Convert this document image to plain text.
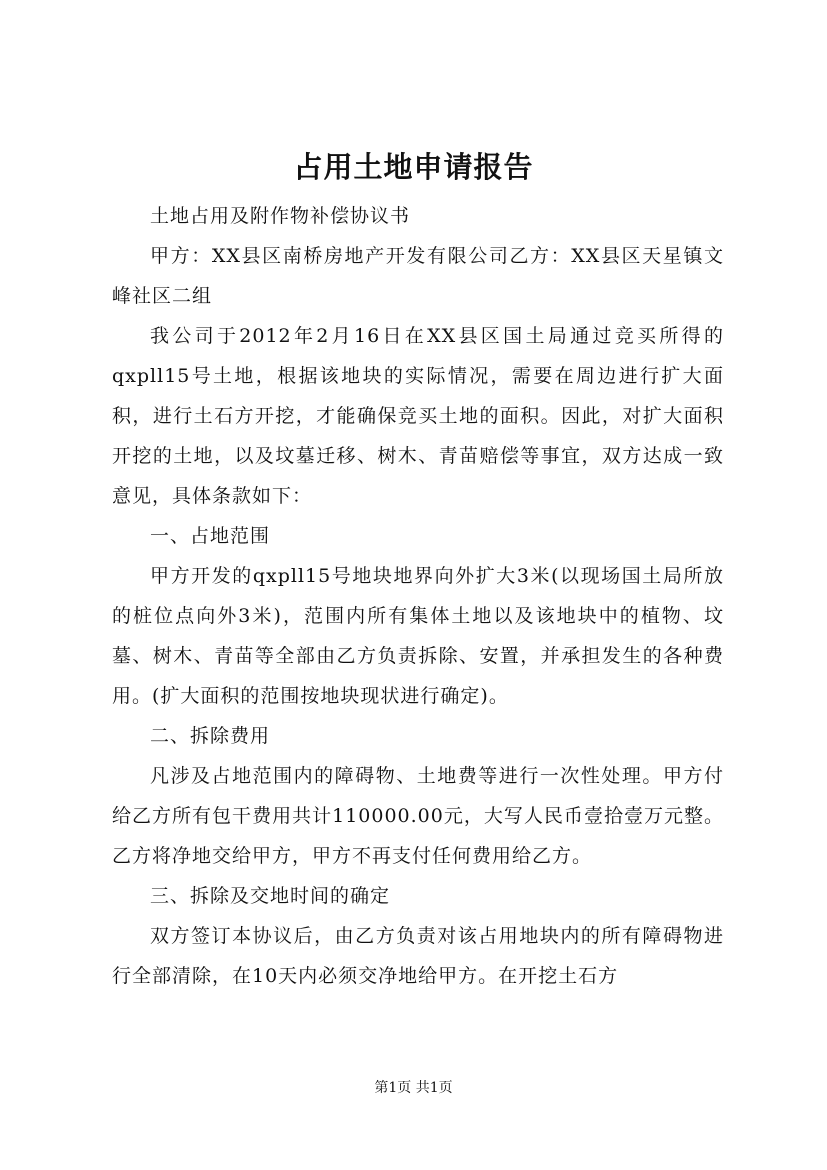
占用土地申请报告

土地占用及附作物补偿协议书

甲方：XX县区南桥房地产开发有限公司乙方：XX县区天星镇文峰社区二组

我公司于2012年2月16日在XX县区国土局通过竞买所得的qxpll15号土地，根据该地块的实际情况，需要在周边进行扩大面积，进行土石方开挖，才能确保竞买土地的面积。因此，对扩大面积开挖的土地，以及坟墓迁移、树木、青苗赔偿等事宜，双方达成一致意见，具体条款如下：

一、占地范围

甲方开发的qxpll15号地块地界向外扩大3米(以现场国土局所放的桩位点向外3米)，范围内所有集体土地以及该地块中的植物、坟墓、树木、青苗等全部由乙方负责拆除、安置，并承担发生的各种费用。(扩大面积的范围按地块现状进行确定)。

二、拆除费用

凡涉及占地范围内的障碍物、土地费等进行一次性处理。甲方付给乙方所有包干费用共计110000.00元，大写人民币壹拾壹万元整。乙方将净地交给甲方，甲方不再支付任何费用给乙方。

三、拆除及交地时间的确定

双方签订本协议后，由乙方负责对该占用地块内的所有障碍物进行全部清除，在10天内必须交净地给甲方。在开挖土石方

第1页 共1页
